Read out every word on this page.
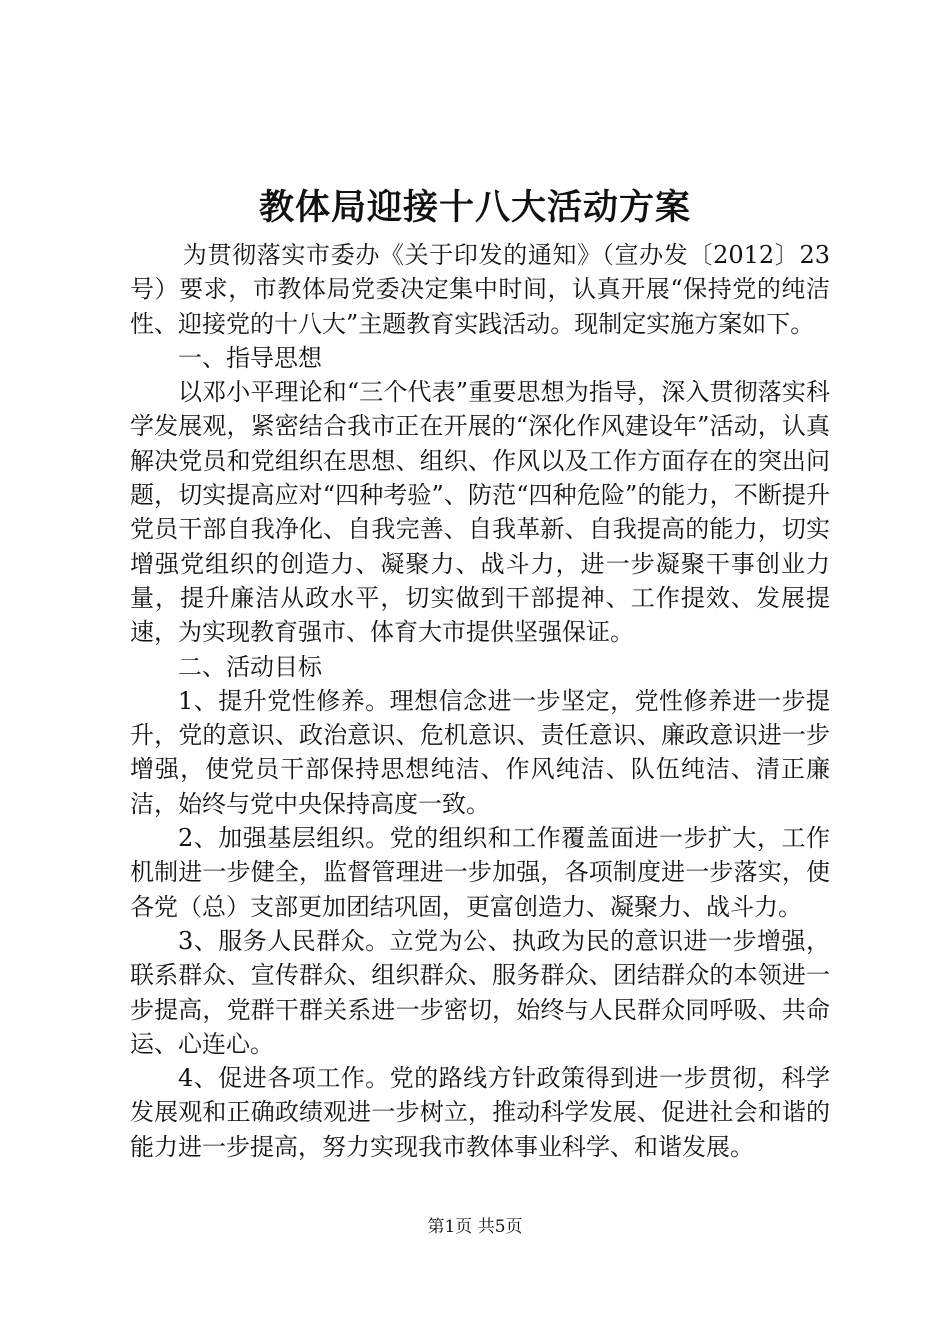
教体局迎接十八大活动方案

为贯彻落实市委办《关于印发的通知》（宣办发〔2012〕23号）要求，市教体局党委决定集中时间，认真开展“保持党的纯洁性、迎接党的十八大”主题教育实践活动。现制定实施方案如下。

一、指导思想

以邓小平理论和“三个代表”重要思想为指导，深入贯彻落实科学发展观，紧密结合我市正在开展的“深化作风建设年”活动，认真解决党员和党组织在思想、组织、作风以及工作方面存在的突出问题，切实提高应对“四种考验”、防范“四种危险”的能力，不断提升党员干部自我净化、自我完善、自我革新、自我提高的能力，切实增强党组织的创造力、凝聚力、战斗力，进一步凝聚干事创业力量，提升廉洁从政水平，切实做到干部提神、工作提效、发展提速，为实现教育强市、体育大市提供坚强保证。

二、活动目标

1、提升党性修养。理想信念进一步坚定，党性修养进一步提升，党的意识、政治意识、危机意识、责任意识、廉政意识进一步增强，使党员干部保持思想纯洁、作风纯洁、队伍纯洁、清正廉洁，始终与党中央保持高度一致。

2、加强基层组织。党的组织和工作覆盖面进一步扩大，工作机制进一步健全，监督管理进一步加强，各项制度进一步落实，使各党（总）支部更加团结巩固，更富创造力、凝聚力、战斗力。

3、服务人民群众。立党为公、执政为民的意识进一步增强，联系群众、宣传群众、组织群众、服务群众、团结群众的本领进一步提高，党群干群关系进一步密切，始终与人民群众同呼吸、共命运、心连心。

4、促进各项工作。党的路线方针政策得到进一步贯彻，科学发展观和正确政绩观进一步树立，推动科学发展、促进社会和谐的能力进一步提高，努力实现我市教体事业科学、和谐发展。

第1页 共5页
